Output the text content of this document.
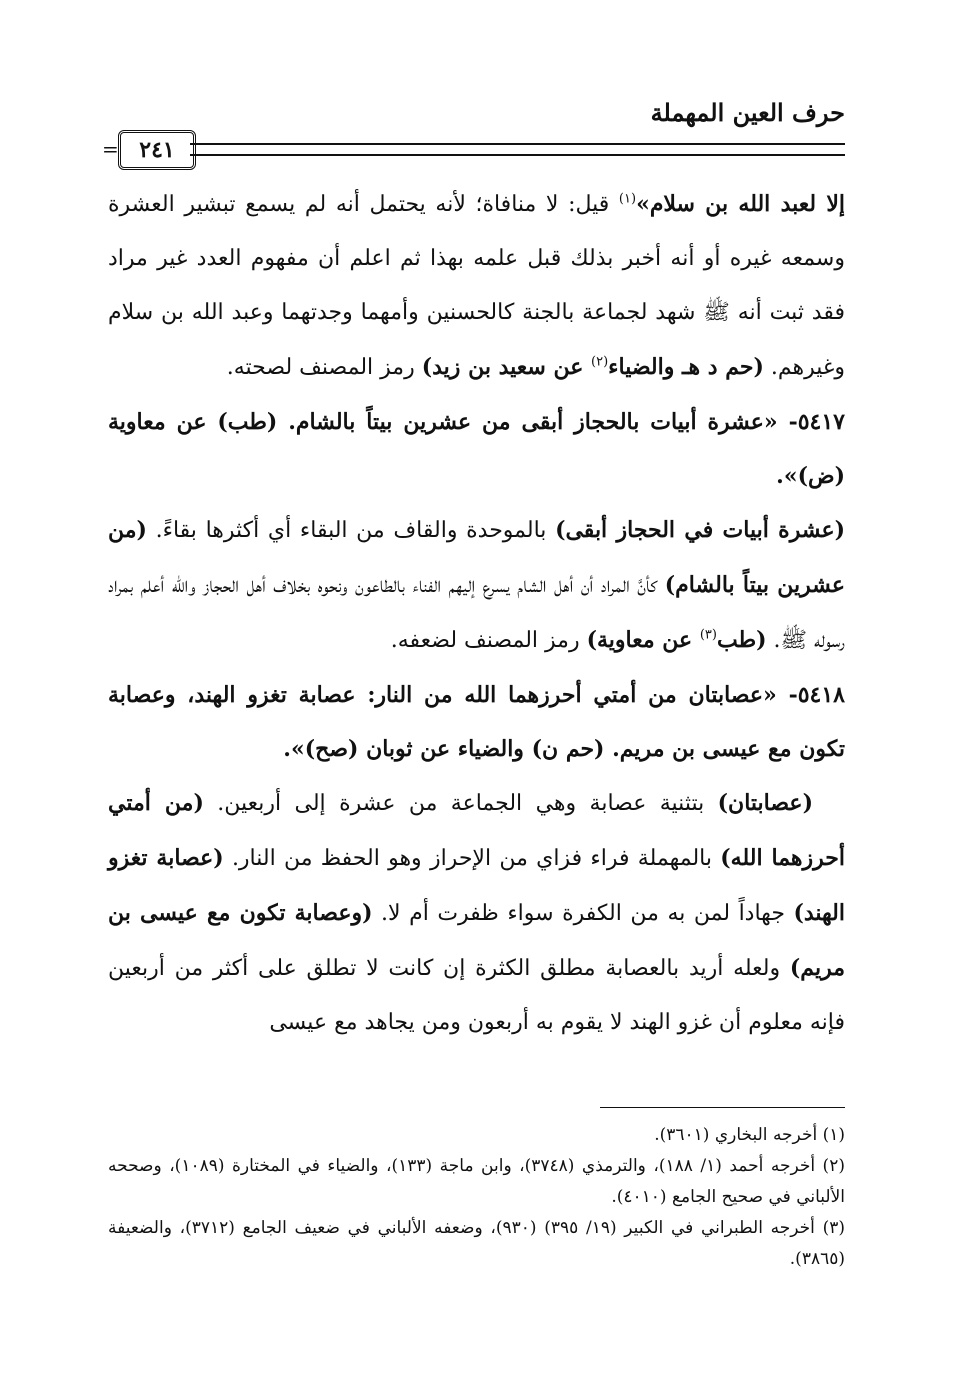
حرف العين المهملة
٢٤١
=

إلا لعبد الله بن سلام»$^{(١)}$ قيل: لا منافاة؛ لأنه يحتمل أنه لم يسمع تبشير العشرة وسمعه غيره أو أنه أخبر بذلك قبل علمه بهذا ثم اعلم أن مفهوم العدد غير مراد فقد ثبت أنه ﷺ شهد لجماعة بالجنة كالحسنين وأمهما وجدتهما وعبد الله بن سلام وغيرهم. (حم د هـ والضياء$^{(٢)}$ عن سعيد بن زيد) رمز المصنف لصحته.

٥٤١٧- «عشرة أبيات بالحجاز أبقى من عشرين بيتاً بالشام. (طب) عن معاوية (ض)».

(عشرة أبيات في الحجاز أبقى) بالموحدة والقاف من البقاء أي أكثرها بقاءً. (من عشرين بيتاً بالشام) كأنَّ المراد أن أهل الشام يسرع إليهم الفناء بالطاعون ونحوه بخلاف أهل الحجاز والله أعلم بمراد رسوله ﷺ. (طب$^{(٣)}$ عن معاوية) رمز المصنف لضعفه.

٥٤١٨- «عصابتان من أمتي أحرزهما الله من النار: عصابة تغزو الهند، وعصابة تكون مع عيسى بن مريم. (حم ن) والضياء عن ثوبان (صح)».

(عصابتان) بتثنية عصابة وهي الجماعة من عشرة إلى أربعين. (من أمتي أحرزهما الله) بالمهملة فراء فزاي من الإحراز وهو الحفظ من النار. (عصابة تغزو الهند) جهاداً لمن به من الكفرة سواء ظفرت أم لا. (وعصابة تكون مع عيسى بن مريم) ولعله أريد بالعصابة مطلق الكثرة إن كانت لا تطلق على أكثر من أربعين فإنه معلوم أن غزو الهند لا يقوم به أربعون ومن يجاهد مع عيسى

(١) أخرجه البخاري (٣٦٠١).

(٢) أخرجه أحمد (١/ ١٨٨)، والترمذي (٣٧٤٨)، وابن ماجة (١٣٣)، والضياء في المختارة (١٠٨٩)، وصححه الألباني في صحيح الجامع (٤٠١٠).

(٣) أخرجه الطبراني في الكبير (١٩/ ٣٩٥) (٩٣٠)، وضعفه الألباني في ضعيف الجامع (٣٧١٢)، والضعيفة (٣٨٦٥).
